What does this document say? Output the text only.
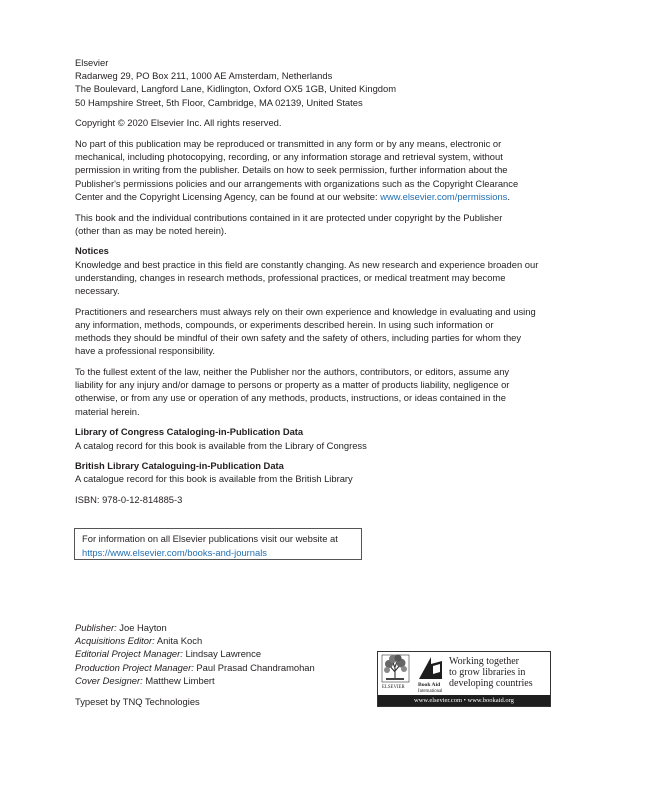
Elsevier
Radarweg 29, PO Box 211, 1000 AE Amsterdam, Netherlands
The Boulevard, Langford Lane, Kidlington, Oxford OX5 1GB, United Kingdom
50 Hampshire Street, 5th Floor, Cambridge, MA 02139, United States
Copyright © 2020 Elsevier Inc. All rights reserved.
No part of this publication may be reproduced or transmitted in any form or by any means, electronic or
mechanical, including photocopying, recording, or any information storage and retrieval system, without
permission in writing from the publisher. Details on how to seek permission, further information about the
Publisher's permissions policies and our arrangements with organizations such as the Copyright Clearance
Center and the Copyright Licensing Agency, can be found at our website: www.elsevier.com/permissions.
This book and the individual contributions contained in it are protected under copyright by the Publisher
(other than as may be noted herein).
Notices
Knowledge and best practice in this field are constantly changing. As new research and experience broaden our
understanding, changes in research methods, professional practices, or medical treatment may become
necessary.
Practitioners and researchers must always rely on their own experience and knowledge in evaluating and using
any information, methods, compounds, or experiments described herein. In using such information or
methods they should be mindful of their own safety and the safety of others, including parties for whom they
have a professional responsibility.
To the fullest extent of the law, neither the Publisher nor the authors, contributors, or editors, assume any
liability for any injury and/or damage to persons or property as a matter of products liability, negligence or
otherwise, or from any use or operation of any methods, products, instructions, or ideas contained in the
material herein.
Library of Congress Cataloging-in-Publication Data
A catalog record for this book is available from the Library of Congress
British Library Cataloguing-in-Publication Data
A catalogue record for this book is available from the British Library
ISBN: 978-0-12-814885-3
For information on all Elsevier publications visit our website at
https://www.elsevier.com/books-and-journals
Publisher: Joe Hayton
Acquisitions Editor: Anita Koch
Editorial Project Manager: Lindsay Lawrence
Production Project Manager: Paul Prasad Chandramohan
Cover Designer: Matthew Limbert
Typeset by TNQ Technologies
ELSEVIER Book Aid
International
Working together
to grow libraries in
developing countries
www.elsevier.com • www.bookaid.org
